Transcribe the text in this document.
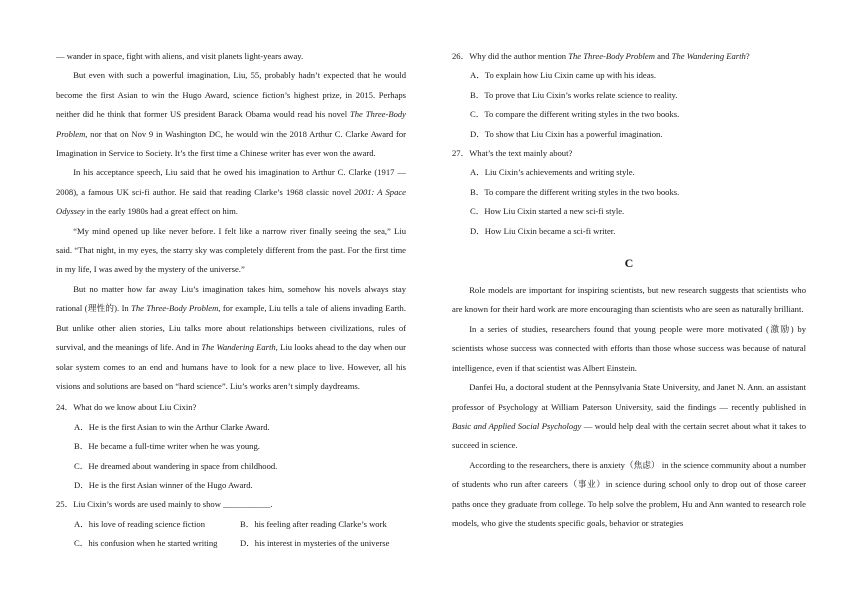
— wander in space, fight with aliens, and visit planets light-years away.

But even with such a powerful imagination, Liu, 55, probably hadn’t expected that he would become the first Asian to win the Hugo Award, science fiction’s highest prize, in 2015. Perhaps neither did he think that former US president Barack Obama would read his novel The Three-Body Problem, nor that on Nov 9 in Washington DC, he would win the 2018 Arthur C. Clarke Award for Imagination in Service to Society. It’s the first time a Chinese writer has ever won the award.

In his acceptance speech, Liu said that he owed his imagination to Arthur C. Clarke (1917 — 2008), a famous UK sci-fi author. He said that reading Clarke’s 1968 classic novel 2001: A Space Odyssey in the early 1980s had a great effect on him.

“My mind opened up like never before. I felt like a narrow river finally seeing the sea,” Liu said. “That night, in my eyes, the starry sky was completely different from the past. For the first time in my life, I was awed by the mystery of the universe.”

But no matter how far away Liu’s imagination takes him, somehow his novels always stay rational (理性的). In The Three-Body Problem, for example, Liu tells a tale of aliens invading Earth. But unlike other alien stories, Liu talks more about relationships between civilizations, rules of survival, and the meanings of life. And in The Wandering Earth, Liu looks ahead to the day when our solar system comes to an end and humans have to look for a new place to live. However, all his visions and solutions are based on “hard science”. Liu’s works aren’t simply daydreams.

24．What do we know about Liu Cixin?

A．He is the first Asian to win the Arthur Clarke Award.

B．He became a full-time writer when he was young.

C．He dreamed about wandering in space from childhood.

D．He is the first Asian winner of the Hugo Award.

25．Liu Cixin’s words are used mainly to show ___________.

A．his love of reading science fiction	B．his feeling after reading Clarke’s work
C．his confusion when he started writing	D．his interest in mysteries of the universe

26．Why did the author mention The Three-Body Problem and The Wandering Earth?

A．To explain how Liu Cixin came up with his ideas.

B．To prove that Liu Cixin’s works relate science to reality.

C．To compare the different writing styles in the two books.

D．To show that Liu Cixin has a powerful imagination.

27．What’s the text mainly about?

A．Liu Cixin’s achievements and writing style.

B．To compare the different writing styles in the two books.

C．How Liu Cixin started a new sci-fi style.

D．How Liu Cixin became a sci-fi writer.

C

Role models are important for inspiring scientists, but new research suggests that scientists who are known for their hard work are more encouraging than scientists who are seen as naturally brilliant.

In a series of studies, researchers found that young people were more motivated (激励) by scientists whose success was connected with efforts than those whose success was because of natural intelligence, even if that scientist was Albert Einstein.

Danfei Hu, a doctoral student at the Pennsylvania State University, and Janet N. Ann. an assistant professor of Psychology at William Paterson University, said the findings — recently published in Basic and Applied Social Psychology — would help deal with the certain secret about what it takes to succeed in science.

According to the researchers, there is anxiety（焦虑） in the science community about a number of students who run after careers（事业）in science during school only to drop out of those career paths once they graduate from college. To help solve the problem, Hu and Ann wanted to research role models, who give the students specific goals, behavior or strategies
